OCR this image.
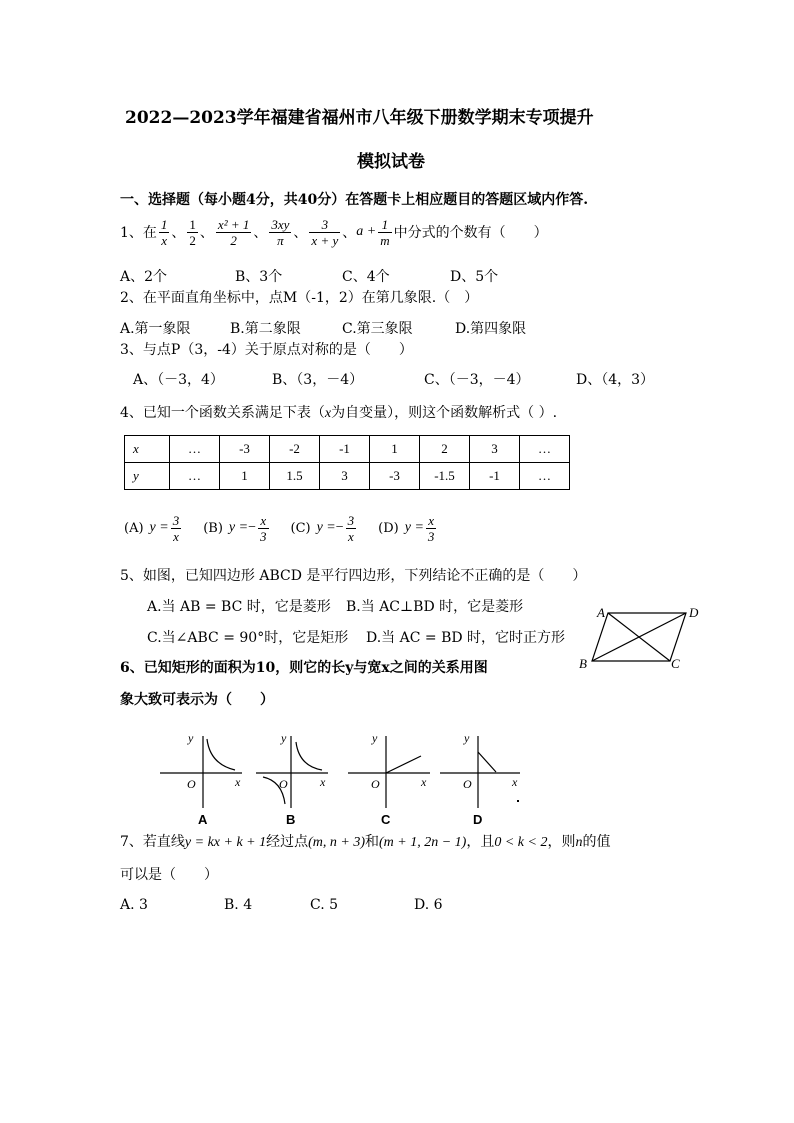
2022—2023学年福建省福州市八年级下册数学期末专项提升
模拟试卷
一、选择题（每小题4分，共40分）在答题卡上相应题目的答题区域内作答.
1、在 $\frac{1}{x}$ 、 $\frac{1}{2}$ 、 $\frac{\text{x² + 1}}{2}$ 、 $\frac{3xy}{\pi}$ 、 $\frac{3}{x + y}$ 、 $a + \frac{1}{m}$ 中分式的个数有（　　）
A、2个	B、3个	C、4个	D、5个
2、在平面直角坐标中，点M（-1，2）在第几象限.（　）
A.第一象限	B.第二象限	C.第三象限	D.第四象限
3、与点P（3，-4）关于原点对称的是（　　）
A、（－3，4）	B、（3，－4）	C、（－3，－4）	D、（4，3）
4、已知一个函数关系满足下表（x为自变量），则这个函数解析式（ ）.
x	…	-3	-2	-1	1	2	3	…
y	…	1	1.5	3	-3	-1.5	-1	…
(A) $y = \frac{3}{x} (B) y$ = − $\frac{x}{3} (C) y$ = − $\frac{3}{x} (D) y = \frac{x}{3}$
5、如图，已知四边形 ABCD 是平行四边形，下列结论不正确的是（　　）
A.当 AB = BC 时，它是菱形 B.当 AC⊥BD 时，它是菱形
C.当∠ABC = 90°时，它是矩形 D.当 AC = BD 时，它时正方形
A	D
B	C
6、已知矩形的面积为10，则它的长y与宽x之间的关系用图
象大致可表示为（　　）
y
x
O
y
x
O
y
x
O
y
x
O
A	B	C	D
7、若直线y = kx + k + 1经过点(m, n + 3)和(m + 1, 2n − 1)，且0 < k < 2，则n的值
可以是（　　）
A. 3	B. 4	C. 5	D. 6
